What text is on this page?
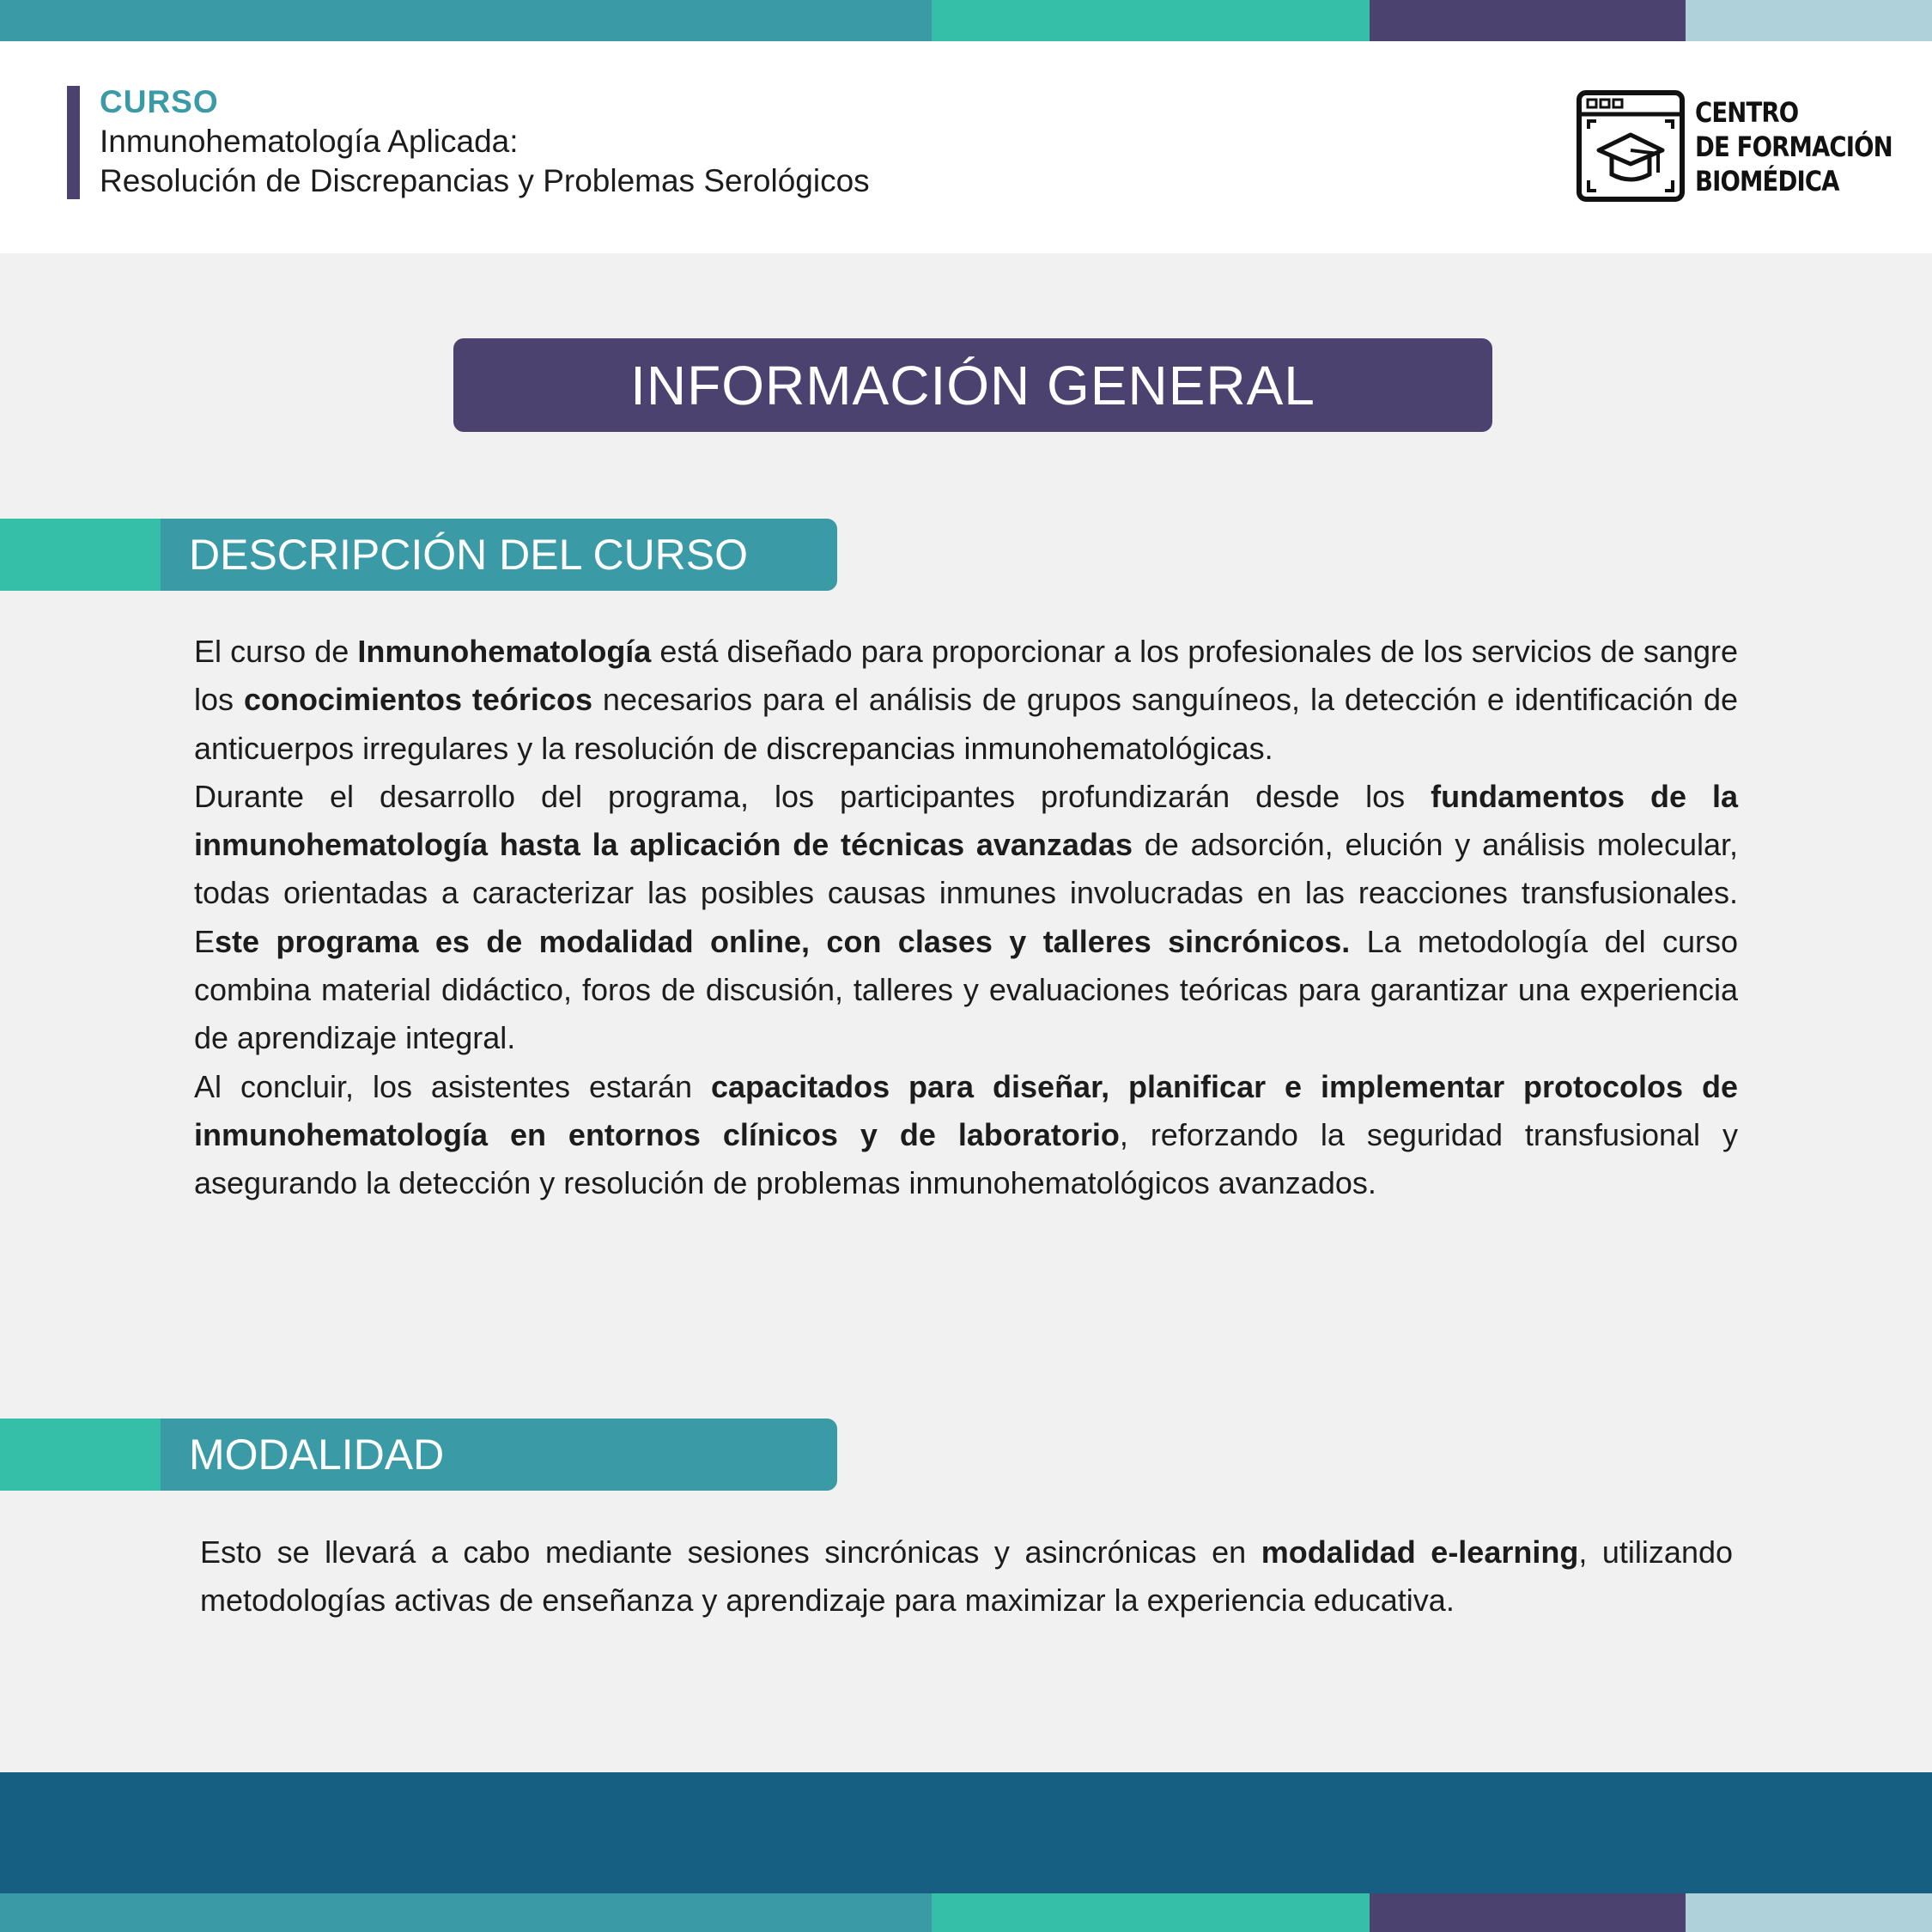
CURSO
Inmunohematología Aplicada:
Resolución de Discrepancias y Problemas Serológicos
CENTRO
DE FORMACIÓN
BIOMÉDICA
INFORMACIÓN GENERAL
DESCRIPCIÓN DEL CURSO

El curso de Inmunohematología está diseñado para proporcionar a los profesionales de los servicios de sangre los conocimientos teóricos necesarios para el análisis de grupos sanguíneos, la detección e identificación de anticuerpos irregulares y la resolución de discrepancias inmunohematológicas.

Durante el desarrollo del programa, los participantes profundizarán desde los fundamentos de la inmunohematología hasta la aplicación de técnicas avanzadas de adsorción, elución y análisis molecular, todas orientadas a caracterizar las posibles causas inmunes involucradas en las reacciones transfusionales. Este programa es de modalidad online, con clases y talleres sincrónicos. La metodología del curso combina material didáctico, foros de discusión, talleres y evaluaciones teóricas para garantizar una experiencia de aprendizaje integral.

Al concluir, los asistentes estarán capacitados para diseñar, planificar e implementar protocolos de inmunohematología en entornos clínicos y de laboratorio, reforzando la seguridad transfusional y asegurando la detección y resolución de problemas inmunohematológicos avanzados.

MODALIDAD

Esto se llevará a cabo mediante sesiones sincrónicas y asincrónicas en modalidad e-learning, utilizando metodologías activas de enseñanza y aprendizaje para maximizar la experiencia educativa.
